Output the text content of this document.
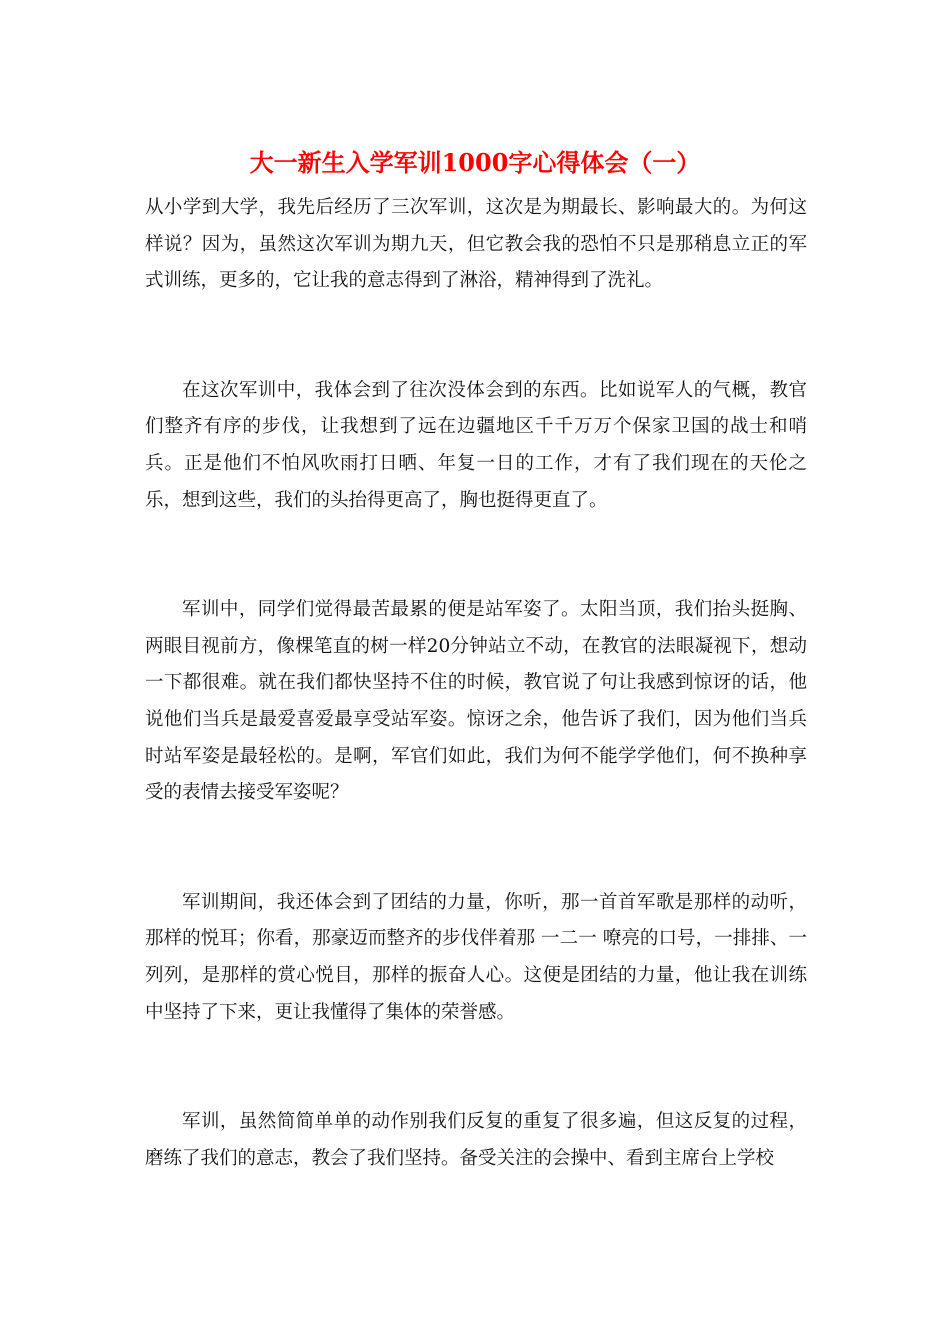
大一新生入学军训1000字心得体会（一）

从小学到大学，我先后经历了三次军训，这次是为期最长、影响最大的。为何这样说？因为，虽然这次军训为期九天，但它教会我的恐怕不只是那稍息立正的军式训练，更多的，它让我的意志得到了淋浴，精神得到了洗礼。

在这次军训中，我体会到了往次没体会到的东西。比如说军人的气概，教官们整齐有序的步伐，让我想到了远在边疆地区千千万万个保家卫国的战士和哨兵。正是他们不怕风吹雨打日晒、年复一日的工作，才有了我们现在的天伦之乐，想到这些，我们的头抬得更高了，胸也挺得更直了。

军训中，同学们觉得最苦最累的便是站军姿了。太阳当顶，我们抬头挺胸、两眼目视前方，像棵笔直的树一样20分钟站立不动，在教官的法眼凝视下，想动一下都很难。就在我们都快坚持不住的时候，教官说了句让我感到惊讶的话，他说他们当兵是最爱喜爱最享受站军姿。惊讶之余，他告诉了我们，因为他们当兵时站军姿是最轻松的。是啊，军官们如此，我们为何不能学学他们，何不换种享受的表情去接受军姿呢？

军训期间，我还体会到了团结的力量，你听，那一首首军歌是那样的动听，那样的悦耳；你看，那豪迈而整齐的步伐伴着那 一二一 嘹亮的口号，一排排、一列列，是那样的赏心悦目，那样的振奋人心。这便是团结的力量，他让我在训练中坚持了下来，更让我懂得了集体的荣誉感。

军训，虽然简简单单的动作别我们反复的重复了很多遍，但这反复的过程，磨练了我们的意志，教会了我们坚持。备受关注的会操中、看到主席台上学校
